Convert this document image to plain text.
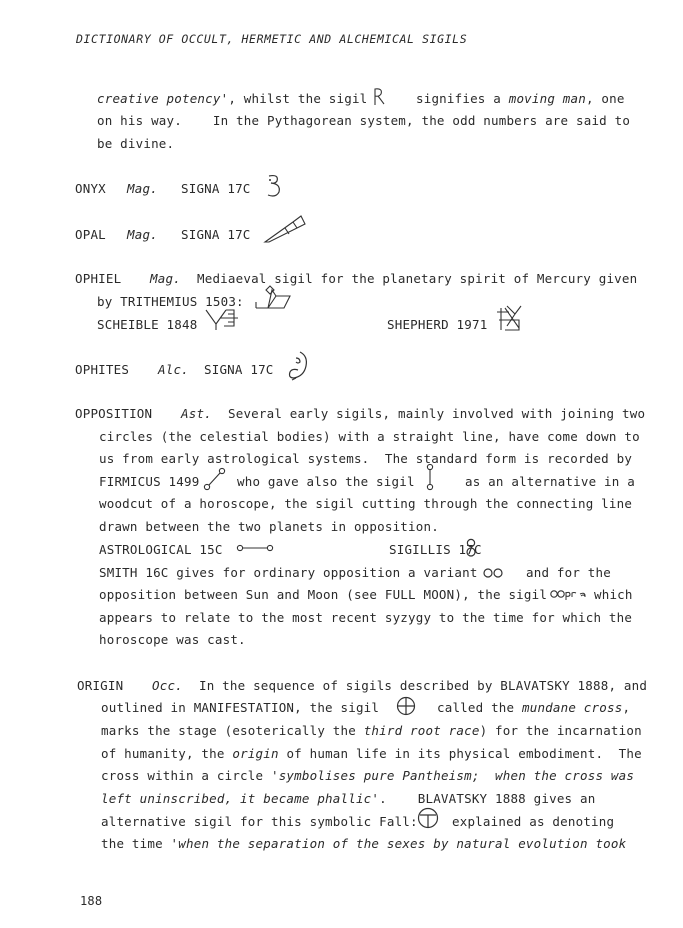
DICTIONARY OF OCCULT, HERMETIC AND ALCHEMICAL SIGILS
creative potency', whilst the sigil	signifies a moving man, one
on his way.    In the Pythagorean system, the odd numbers are said to
be divine.
ONYX Mag. SIGNA 17C
OPAL Mag. SIGNA 17C
OPHIEL Mag. Mediaeval sigil for the planetary spirit of Mercury given
by TRITHEMIUS 1503:
SCHEIBLE 1848	SHEPHERD 1971
OPHITES Alc. SIGNA 17C
OPPOSITION Ast. Several early sigils, mainly involved with joining two
circles (the celestial bodies) with a straight line, have come down to
us from early astrological systems.  The standard form is recorded by
FIRMICUS 1499	who gave also the sigil	as an alternative in a
woodcut of a horoscope, the sigil cutting through the connecting line
drawn between the two planets in opposition.
ASTROLOGICAL 15C	SIGILLIS 17C
SMITH 16C gives for ordinary opposition a variant	and for the
opposition between Sun and Moon (see FULL MOON), the sigil	which
appears to relate to the most recent syzygy to the time for which the
horoscope was cast.
ORIGIN Occ. In the sequence of sigils described by BLAVATSKY 1888, and
outlined in MANIFESTATION, the sigil	called the mundane cross,
marks the stage (esoterically the third root race) for the incarnation
of humanity, the origin of human life in its physical embodiment.  The
cross within a circle 'symbolises pure Pantheism;  when the cross was
left uninscribed, it became phallic'.    BLAVATSKY 1888 gives an
alternative sigil for this symbolic Fall:	explained as denoting
the time 'when the separation of the sexes by natural evolution took
188
